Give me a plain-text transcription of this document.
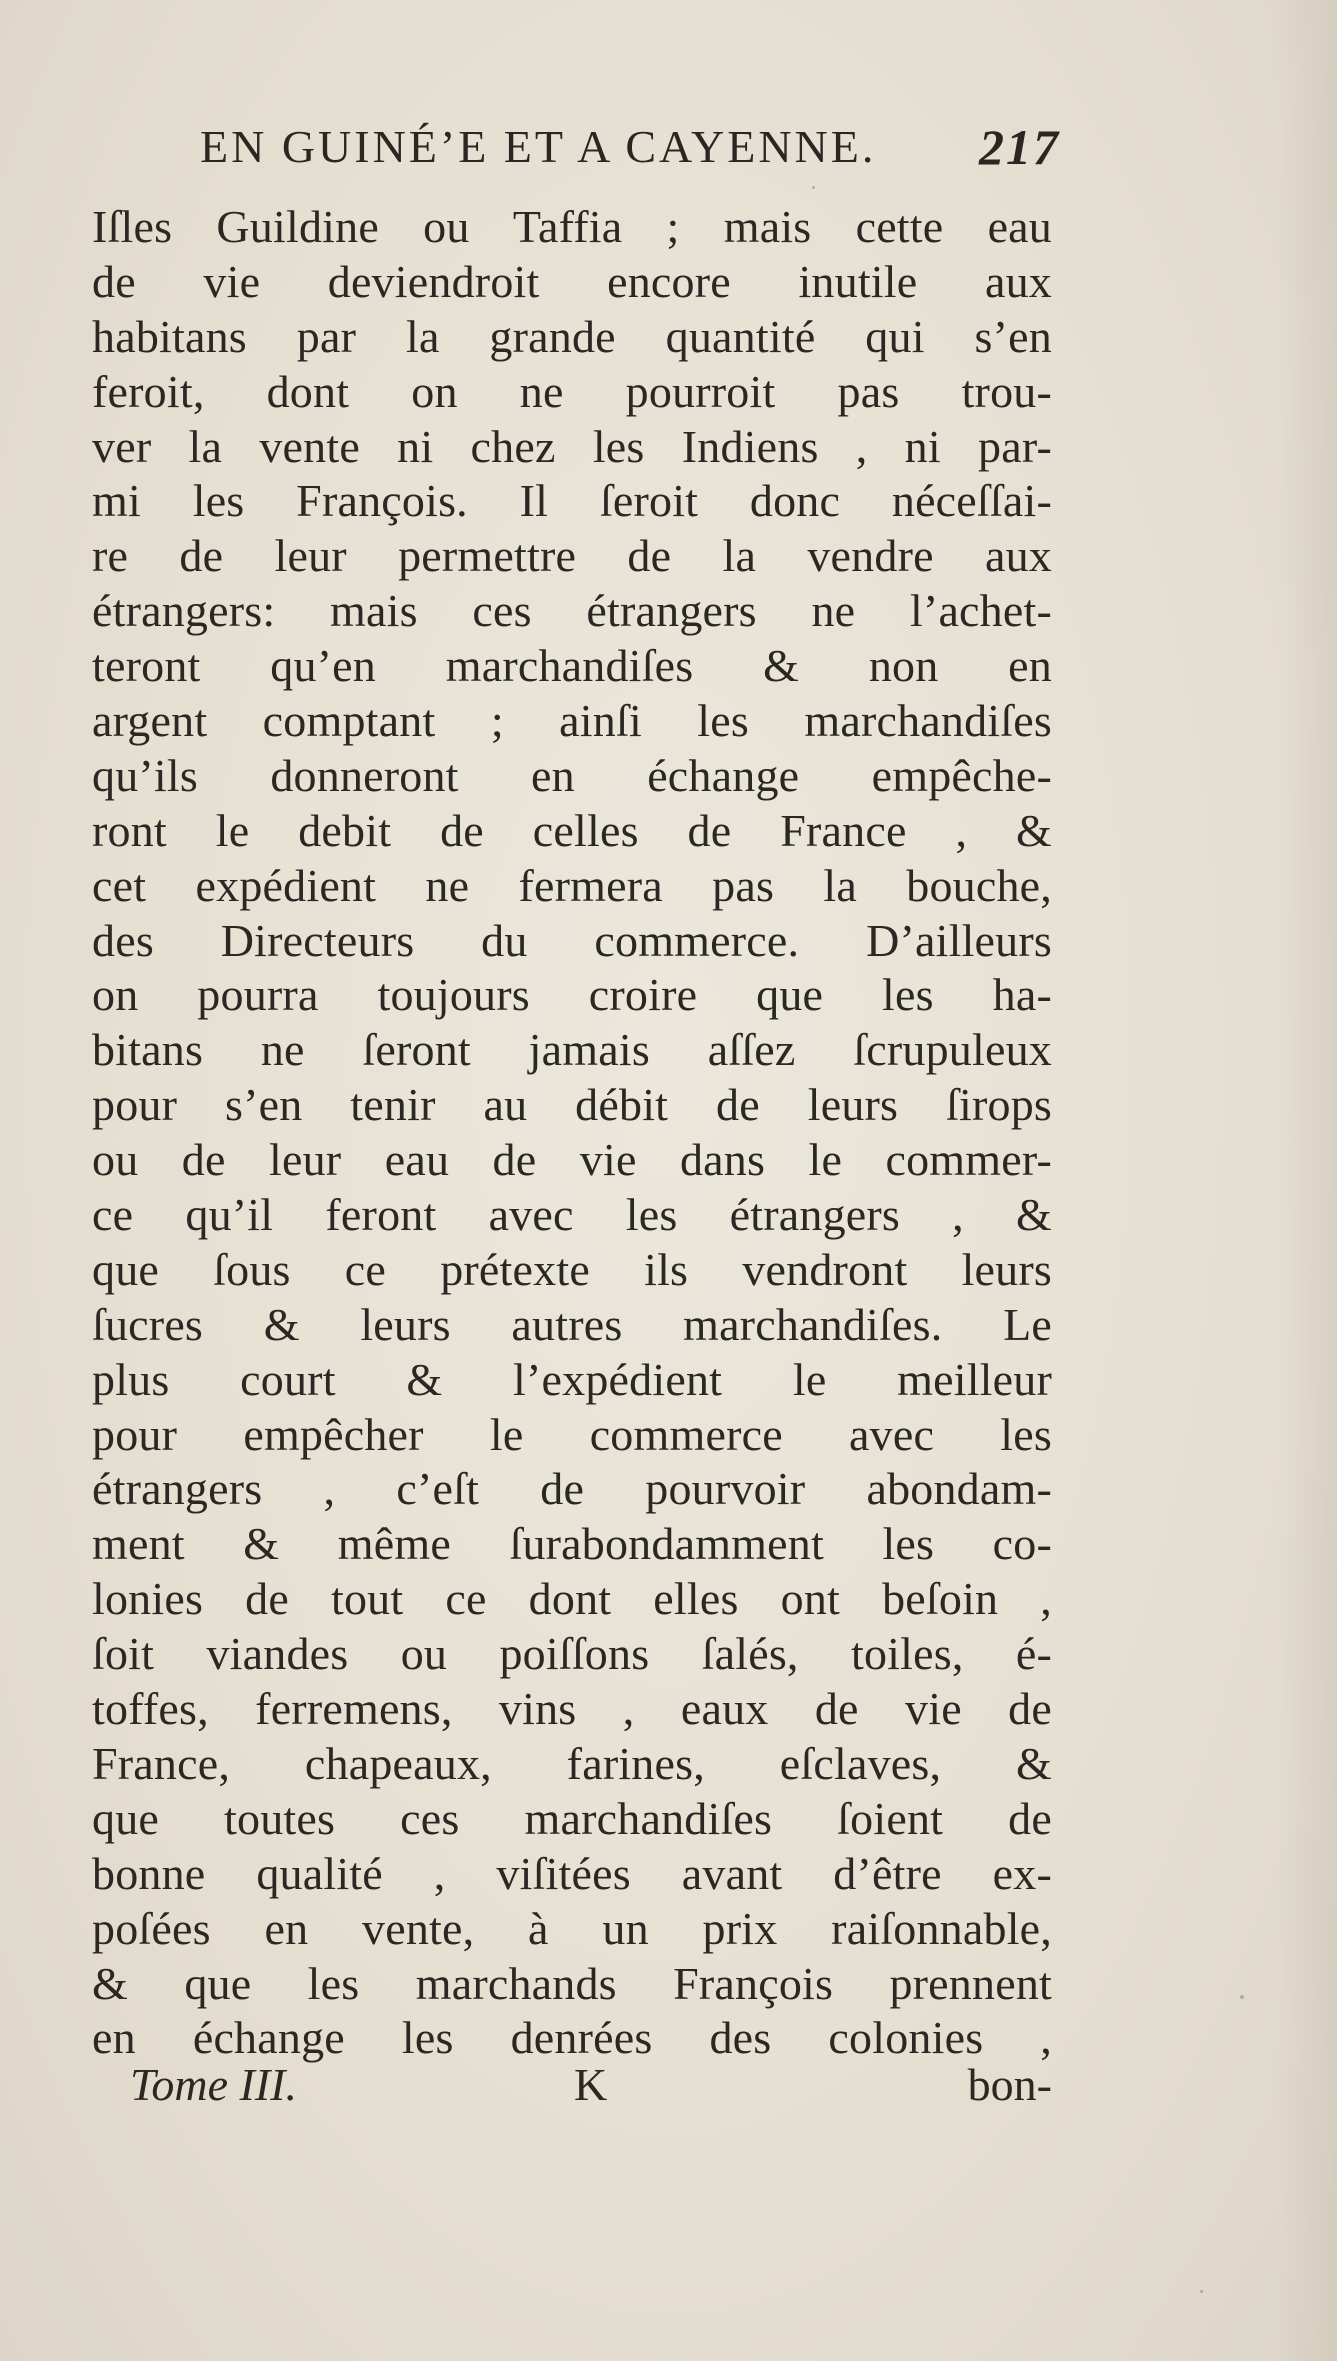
EN GUINÉ’E ET A CAYENNE. 217
Iſles Guildine ou Taffia ; mais cette eau
de vie deviendroit encore inutile aux
habitans par la grande quantité qui s’en
feroit, dont on ne pourroit pas trou-
ver la vente ni chez les Indiens , ni par-
mi les François. Il ſeroit donc néceſſai-
re de leur permettre de la vendre aux
étrangers: mais ces étrangers ne l’achet-
teront qu’en marchandiſes & non en
argent comptant ; ainſi les marchandiſes
qu’ils donneront en échange empêche-
ront le debit de celles de France , &
cet expédient ne fermera pas la bouche,
des Directeurs du commerce. D’ailleurs
on pourra toujours croire que les ha-
bitans ne ſeront jamais aſſez ſcrupuleux
pour s’en tenir au débit de leurs ſirops
ou de leur eau de vie dans le commer-
ce qu’il feront avec les étrangers , &
que ſous ce prétexte ils vendront leurs
ſucres & leurs autres marchandiſes. Le
plus court & l’expédient le meilleur
pour empêcher le commerce avec les
étrangers , c’eſt de pourvoir abondam-
ment & même ſurabondamment les co-
lonies de tout ce dont elles ont beſoin ,
ſoit viandes ou poiſſons ſalés, toiles, é-
toffes, ferremens, vins , eaux de vie de
France, chapeaux, farines, eſclaves, &
que toutes ces marchandiſes ſoient de
bonne qualité , viſitées avant d’être ex-
poſées en vente, à un prix raiſonnable,
& que les marchands François prennent
en échange les denrées des colonies ,
Tome III.	K	bon-
